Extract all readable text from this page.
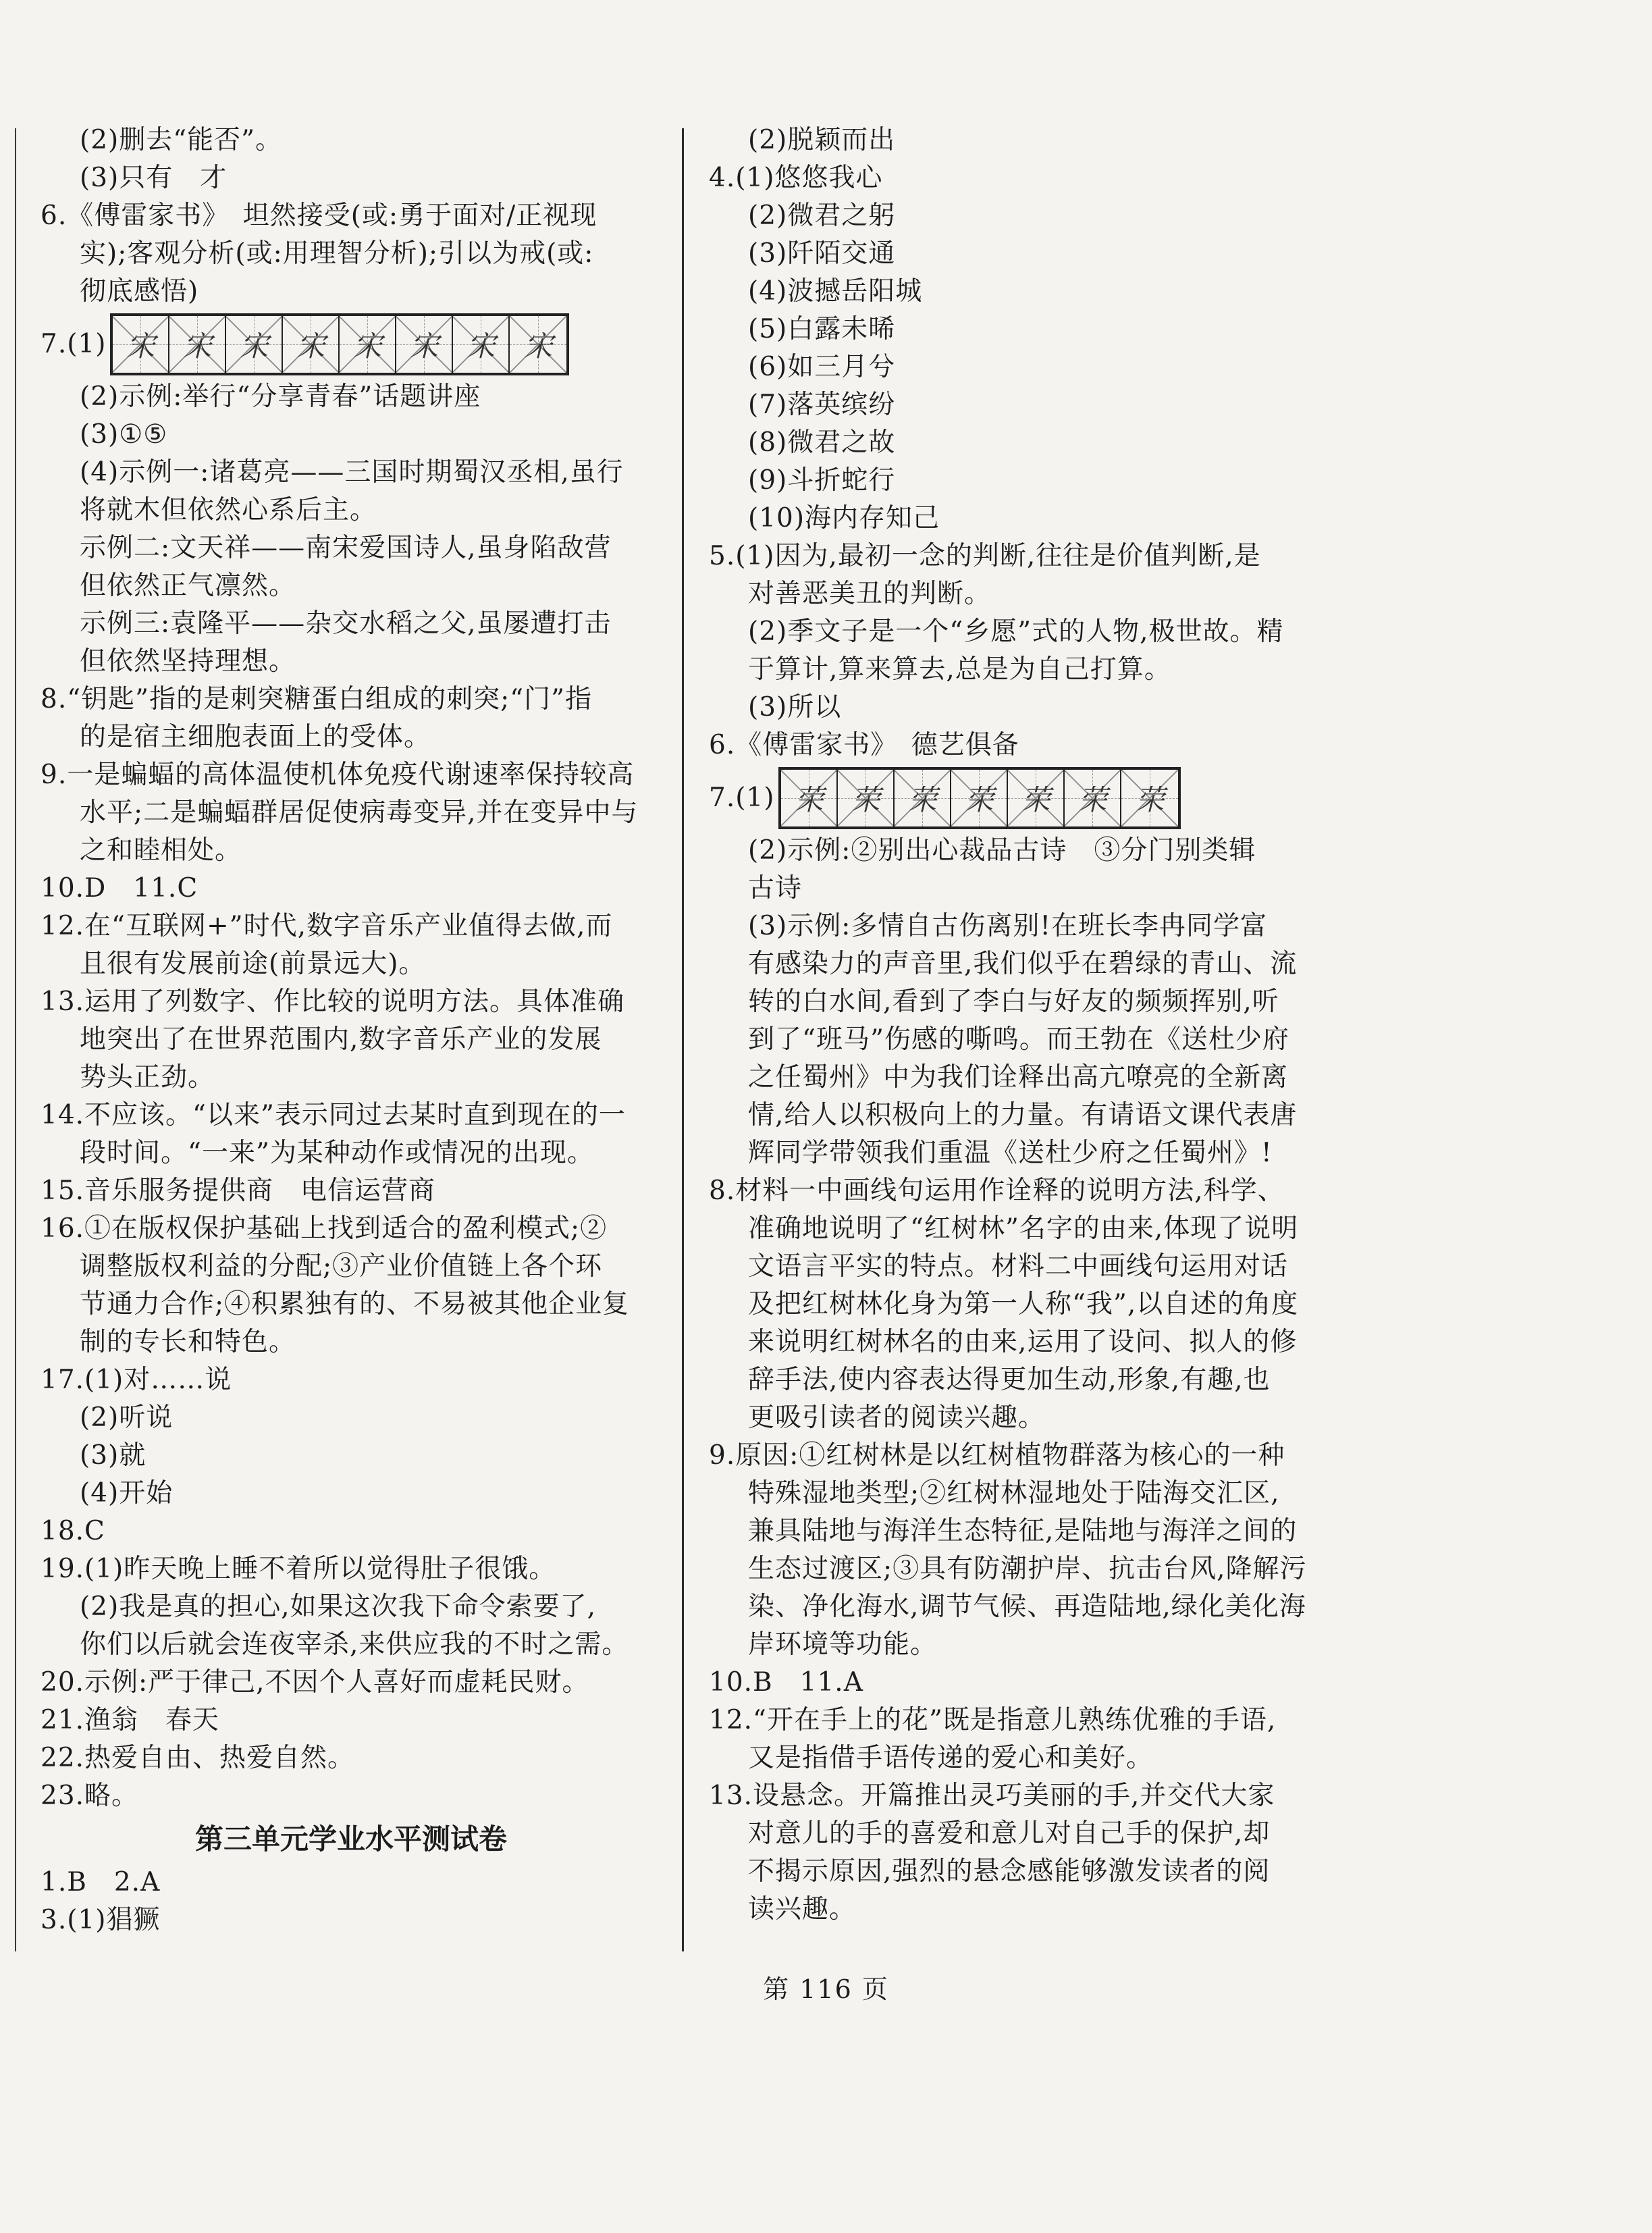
(2)删去“能否”。
(3)只有　才
6.《傅雷家书》　坦然接受(或:勇于面对/正视现
实);客观分析(或:用理智分析);引以为戒(或:
彻底感悟)
7.(1) 宋 宋 宋 宋 宋 宋 宋 宋
(2)示例:举行“分享青春”话题讲座
(3)①⑤
(4)示例一:诸葛亮——三国时期蜀汉丞相,虽行
将就木但依然心系后主。
示例二:文天祥——南宋爱国诗人,虽身陷敌营
但依然正气凛然。
示例三:袁隆平——杂交水稻之父,虽屡遭打击
但依然坚持理想。
8.“钥匙”指的是刺突糖蛋白组成的刺突;“门”指
的是宿主细胞表面上的受体。
9.一是蝙蝠的高体温使机体免疫代谢速率保持较高
水平;二是蝙蝠群居促使病毒变异,并在变异中与
之和睦相处。
10.D　11.C
12.在“互联网+”时代,数字音乐产业值得去做,而
且很有发展前途(前景远大)。
13.运用了列数字、作比较的说明方法。具体准确
地突出了在世界范围内,数字音乐产业的发展
势头正劲。
14.不应该。“以来”表示同过去某时直到现在的一
段时间。“一来”为某种动作或情况的出现。
15.音乐服务提供商　电信运营商
16.①在版权保护基础上找到适合的盈利模式;②
调整版权利益的分配;③产业价值链上各个环
节通力合作;④积累独有的、不易被其他企业复
制的专长和特色。
17.(1)对……说
(2)听说
(3)就
(4)开始
18.C
19.(1)昨天晚上睡不着所以觉得肚子很饿。
(2)我是真的担心,如果这次我下命令索要了,
你们以后就会连夜宰杀,来供应我的不时之需。
20.示例:严于律己,不因个人喜好而虚耗民财。
21.渔翁　春天
22.热爱自由、热爱自然。
23.略。
第三单元学业水平测试卷
1.B　2.A
3.(1)猖獗
(2)脱颖而出
4.(1)悠悠我心
(2)微君之躬
(3)阡陌交通
(4)波撼岳阳城
(5)白露未晞
(6)如三月兮
(7)落英缤纷
(8)微君之故
(9)斗折蛇行
(10)海内存知己
5.(1)因为,最初一念的判断,往往是价值判断,是
对善恶美丑的判断。
(2)季文子是一个“乡愿”式的人物,极世故。精
于算计,算来算去,总是为自己打算。
(3)所以
6.《傅雷家书》　德艺俱备
7.(1) 荣 荣 荣 荣 荣 荣 荣
(2)示例:②别出心裁品古诗　③分门别类辑
古诗
(3)示例:多情自古伤离别!在班长李冉同学富
有感染力的声音里,我们似乎在碧绿的青山、流
转的白水间,看到了李白与好友的频频挥别,听
到了“班马”伤感的嘶鸣。而王勃在《送杜少府
之任蜀州》中为我们诠释出高亢嘹亮的全新离
情,给人以积极向上的力量。有请语文课代表唐
辉同学带领我们重温《送杜少府之任蜀州》!
8.材料一中画线句运用作诠释的说明方法,科学、
准确地说明了“红树林”名字的由来,体现了说明
文语言平实的特点。材料二中画线句运用对话
及把红树林化身为第一人称“我”,以自述的角度
来说明红树林名的由来,运用了设问、拟人的修
辞手法,使内容表达得更加生动,形象,有趣,也
更吸引读者的阅读兴趣。
9.原因:①红树林是以红树植物群落为核心的一种
特殊湿地类型;②红树林湿地处于陆海交汇区,
兼具陆地与海洋生态特征,是陆地与海洋之间的
生态过渡区;③具有防潮护岸、抗击台风,降解污
染、净化海水,调节气候、再造陆地,绿化美化海
岸环境等功能。
10.B　11.A
12.“开在手上的花”既是指意儿熟练优雅的手语,
又是指借手语传递的爱心和美好。
13.设悬念。开篇推出灵巧美丽的手,并交代大家
对意儿的手的喜爱和意儿对自己手的保护,却
不揭示原因,强烈的悬念感能够激发读者的阅
读兴趣。
第 116 页
